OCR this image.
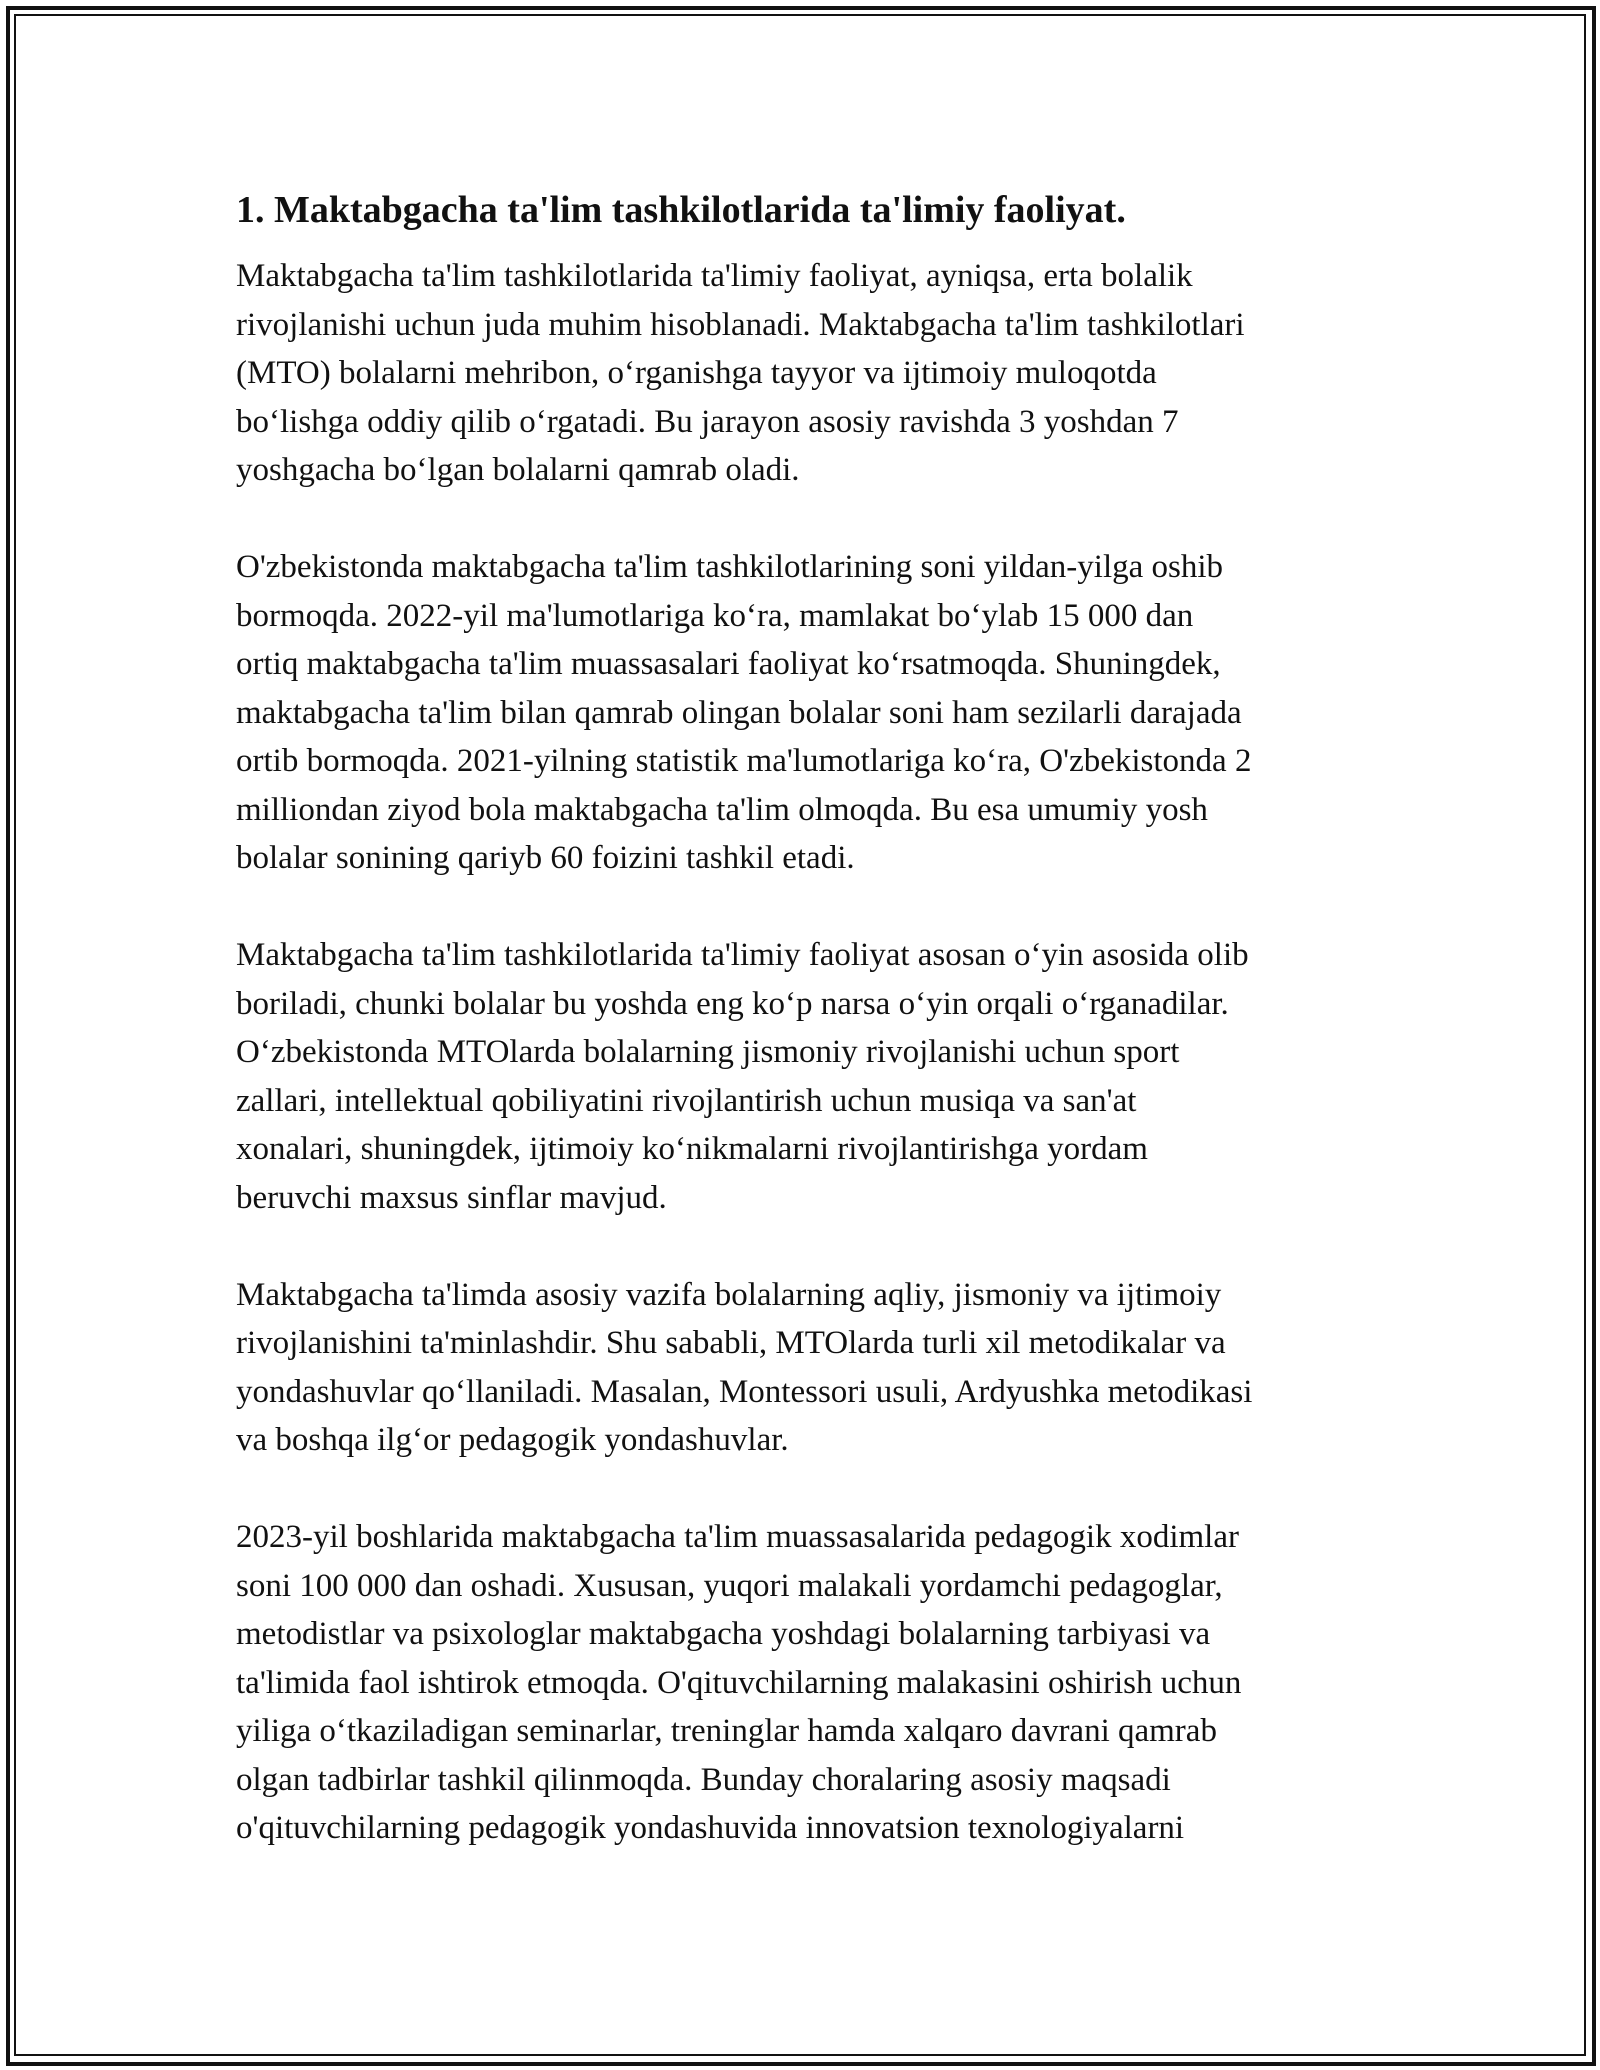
1. Maktabgacha ta'lim tashkilotlarida ta'limiy faoliyat.

Maktabgacha ta'lim tashkilotlarida ta'limiy faoliyat, ayniqsa, erta bolalik
rivojlanishi uchun juda muhim hisoblanadi. Maktabgacha ta'lim tashkilotlari
(MTO) bolalarni mehribon, o‘rganishga tayyor va ijtimoiy muloqotda
bo‘lishga oddiy qilib o‘rgatadi. Bu jarayon asosiy ravishda 3 yoshdan 7
yoshgacha bo‘lgan bolalarni qamrab oladi.

O'zbekistonda maktabgacha ta'lim tashkilotlarining soni yildan-yilga oshib
bormoqda. 2022-yil ma'lumotlariga ko‘ra, mamlakat bo‘ylab 15 000 dan
ortiq maktabgacha ta'lim muassasalari faoliyat ko‘rsatmoqda. Shuningdek,
maktabgacha ta'lim bilan qamrab olingan bolalar soni ham sezilarli darajada
ortib bormoqda. 2021-yilning statistik ma'lumotlariga ko‘ra, O'zbekistonda 2
milliondan ziyod bola maktabgacha ta'lim olmoqda. Bu esa umumiy yosh
bolalar sonining qariyb 60 foizini tashkil etadi.

Maktabgacha ta'lim tashkilotlarida ta'limiy faoliyat asosan o‘yin asosida olib
boriladi, chunki bolalar bu yoshda eng ko‘p narsa o‘yin orqali o‘rganadilar.
O‘zbekistonda MTOlarda bolalarning jismoniy rivojlanishi uchun sport
zallari, intellektual qobiliyatini rivojlantirish uchun musiqa va san'at
xonalari, shuningdek, ijtimoiy ko‘nikmalarni rivojlantirishga yordam
beruvchi maxsus sinflar mavjud.

Maktabgacha ta'limda asosiy vazifa bolalarning aqliy, jismoniy va ijtimoiy
rivojlanishini ta'minlashdir. Shu sababli, MTOlarda turli xil metodikalar va
yondashuvlar qo‘llaniladi. Masalan, Montessori usuli, Ardyushka metodikasi
va boshqa ilg‘or pedagogik yondashuvlar.

2023-yil boshlarida maktabgacha ta'lim muassasalarida pedagogik xodimlar
soni 100 000 dan oshadi. Xususan, yuqori malakali yordamchi pedagoglar,
metodistlar va psixologlar maktabgacha yoshdagi bolalarning tarbiyasi va
ta'limida faol ishtirok etmoqda. O'qituvchilarning malakasini oshirish uchun
yiliga o‘tkaziladigan seminarlar, treninglar hamda xalqaro davrani qamrab
olgan tadbirlar tashkil qilinmoqda. Bunday choralaring asosiy maqsadi
o'qituvchilarning pedagogik yondashuvida innovatsion texnologiyalarni
